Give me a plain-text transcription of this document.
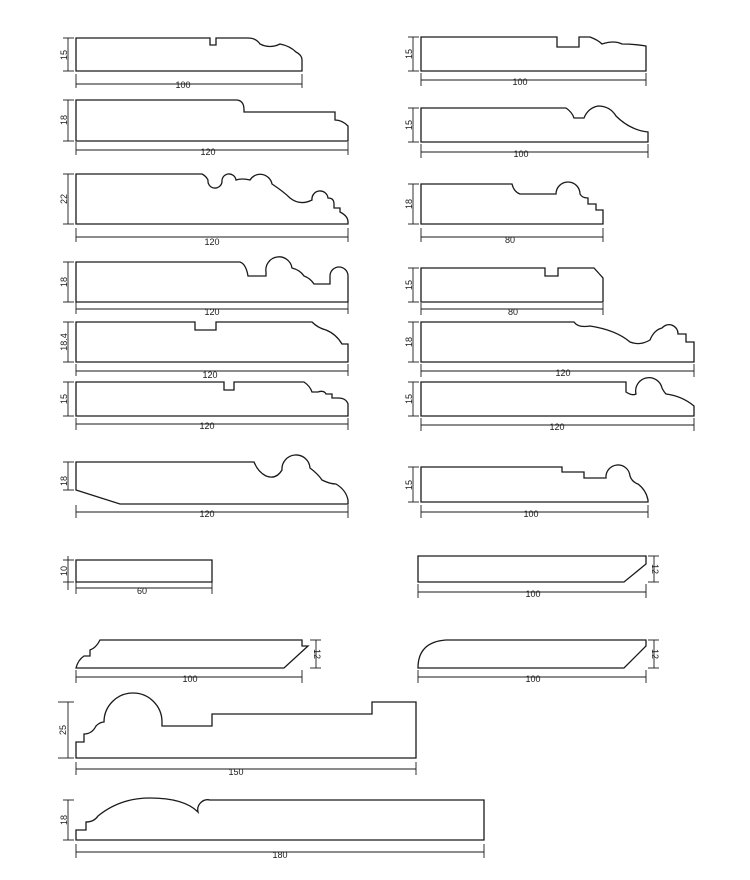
100
15
120
18
120
22
120
18
120
18.4
120
15
120
18
60
10
100
12
150
25
180
18
100
15
100
15
80
18
80
15
120
18
120
15
100
15
100
12
100
12
